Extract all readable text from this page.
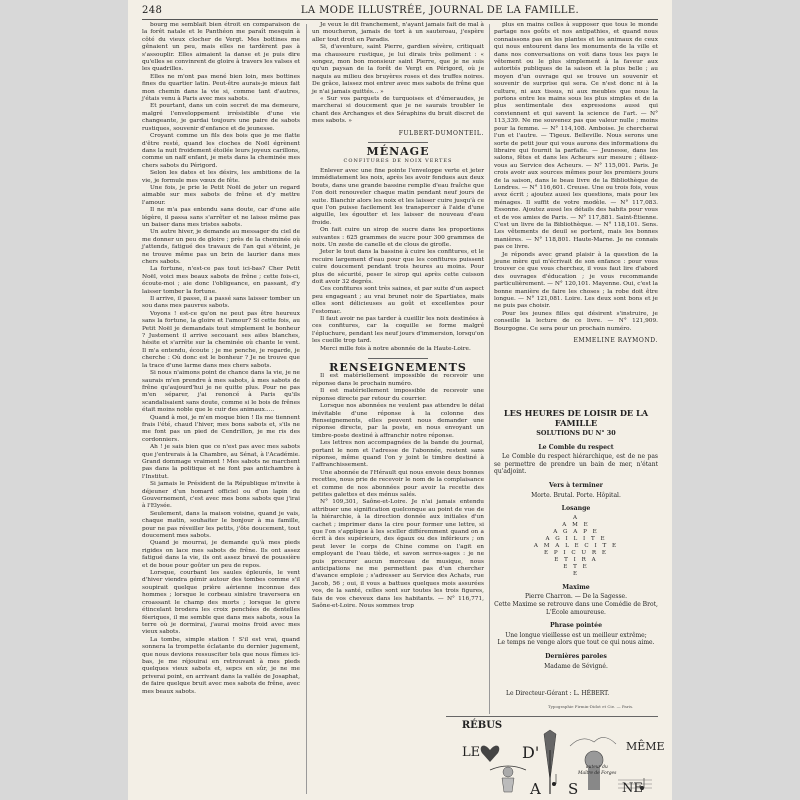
248	LA MODE ILLUSTRÉE, JOURNAL DE LA FAMILLE.

bourg me semblait bien étroit en comparaison de la forêt natale et le Panthéon me paraît mesquin à côté du vieux clocher de Vergt. Mes bottines me gênaient un peu, mais elles ne tardèrent pas à s'assouplir. Elles aimaient la danse et je puis dire qu'elles se convinrent de gloire à travers les valses et les quadrilles.

Elles ne m'ont pas mené bien loin, mes bottines fines du quartier latin. Peut-être aurais-je mieux fait mon chemin dans la vie si, comme tant d'autres, j'étais venu à Paris avec mes sabots.

Et pourtant, dans un coin secret de ma demeure, malgré l'enveloppement irrésistible d'une vie changeante, je gardai toujours une paire de sabots rustiques, souvenir d'enfance et de jeunesse.

Croyant comme un fils des bois que je me flatte d'être resté, quand les cloches de Noël égrènent dans la nuit froidement étoilée leurs joyeux carillons, comme un naïf enfant, je mets dans la cheminée mes chers sabots du Périgord.

Selon les dates et les désirs, les ambitions de la vie, je formule mes vœux de fête.

Une fois, je prie le Petit Noël de jeter un regard aimable sur mes sabots de frêne et d'y mettre l'amour.

Il ne m'a pas entendu sans doute, car d'une aile légère, il passa sans s'arrêter et ne laisse même pas un baiser dans mes tristes sabots.

Un autre hiver, je demande au messager du ciel de me donner un peu de gloire ; près de la cheminée où j'attends, fatigué des travaux de l'an qui s'éteint, je ne trouve même pas un brin de laurier dans mes chers sabots.

La fortune, n'est-ce pas tout ici-bas? Cher Petit Noël, voici mes beaux sabots de frêne ; cette fois-ci, écoute-moi ; aie donc l'obligeance, en passant, d'y laisser tomber la fortune.

Il arrive, il passe, il a passé sans laisser tomber un sou dans mes pauvres sabots.

Voyons ! est-ce qu'on ne peut pas être heureux sans la fortune, la gloire et l'amour? Si cette fois, au Petit Noël je demandais tout simplement le bonheur ? Justement il arrive secouant ses ailes blanches, hésite et s'arrête sur la cheminée où chante le vent. Il m'a entendu, écoute ; je me penche, je regarde, je cherche : Où donc est le bonheur ? Je ne trouve que la trace d'une larme dans mes chers sabots.

Si nous n'aimons point de chance dans la vie, je ne saurais m'en prendre à mes sabots, à mes sabots de frêne qu'aujourd'hui je ne quitte plus. Pour ne pas m'en séparer, j'ai renoncé à Paris qu'ils scandalisaient sans doute, comme si le bois de frênes était moins noble que le cuir des animaux.....

Quand à moi, je m'en moque bien ! Ils me tiennent frais l'été, chaud l'hiver, mes bons sabots et, s'ils ne me font pas un pied de Cendrillon, je me ris des cordonniers.

Ah ! je sais bien que ce n'est pas avec mes sabots que j'entrerais à la Chambre, au Sénat, à l'Académie. Grand dommage vraiment ! Mes sabots ne marchent pas dans la politique et ne font pas antichambre à l'Institut.

Si jamais le Président de la République m'invite à déjeuner d'un homard officiel ou d'un lapin du Gouvernement, c'est avec mes bons sabots que j'irai à l'Elysée.

Seulement, dans la maison voisine, quand je vais, chaque matin, souhaiter le bonjour à ma famille, pour ne pas réveiller les petits, j'ôte doucement, tout doucement mes sabots.

Quand je mourrai, je demande qu'à mes pieds rigides on lace mes sabots de frêne. Ils ont assez fatigué dans la vie, ils ont assez bravé de poussière et de boue pour goûter un peu de repos.

Lorsque, courbant les saules épleurés, le vent d'hiver viendra gémir autour des tombes comme s'il soupirait quelque prière aérienne inconnue des hommes ; lorsque le corbeau sinistre traversera en croassant le champ des morts ; lorsque le givre étincelant brodera les croix penchées de dentelles féeriques, il me semble que dans mes sabots, sous la terre où je dormirai, j'aurai moins froid avec mes vieux sabots.

La tombe, simple station ! S'il est vrai, quand sonnera la trompette éclatante du dernier jugement, que nous devions ressusciter tels que nous fûmes ici-bas, je me réjouirai en retrouvant à mes pieds quelques vieux sabots et, sepcs en sûr, je ne me priverai point, en arrivant dans la vallée de Josaphat, de faire quelque bruit avec mes sabots de frêne, avec mes beaux sabots.

Je veux le dit franchement, n'ayant jamais fait de mal à un moucheron, jamais de tort à un sauteroau, j'espère aller tout droit en Paradis.

Si, d'aventure, saint Pierre, gardien sévère, critiquait ma chaussure rustique, je lui dirais très poliment : « songez, mon bon monsieur saint Pierre, que je ne suis qu'un paysan de la forêt de Vergt en Périgord, où je naquis au milieu des bruyères roses et des truffes noires. De grâce, laissez moi entrer avec mes sabots de frêne que je n'ai jamais quittés... »

« Sur vos parquets de turquoises et d'émeraudes, je marcherai si doucement que je ne saurais troubler le chant des Archanges et des Séraphins du bruit discret de mes sabots. »

FULBERT-DUMONTEIL.
MÉNAGE
CONFITURES DE NOIX VERTES

Enlever avec une fine pointe l'enveloppe verte et jeter immédiatement les noix, après les avoir fendues aux deux bouts, dans une grande bassine remplie d'eau fraîche que l'on doit renouveler chaque matin pendant neuf jours de suite. Blanchir alors les noix et les laisser cuire jusqu'à ce que l'on puisse facilement les transpercer à l'aide d'une aiguille, les égoutter et les laisser de nouveau d'eau froide.

On fait cuire un sirop de sucre dans les proportions suivantes : 625 grammes de sucre pour 300 grammes de noix. Un zeste de canelle et de clous de girofle.

Jeter le tout dans la bassine à cuire les confitures, et le recuire largement d'eau pour que les confitures puissent cuire doucement pendant trois heures au moins. Pour plus de sécurité, peser le sirop qui après cette cuisson doit avoir 32 degrés.

Ces confitures sont très saines, et par suite d'un aspect peu engageant ; au vrai brunet noir de Spartiates, mais elles sont délicieuses au goût et excellentes pour l'estomac.

Il faut avoir ne pas tarder à cueillir les noix destinées à ces confitures, car la coquille se forme malgré l'épluchure, pendant les neuf jours d'immersion, lorsqu'on les cueille trop tard.

Merci mille fois à notre abonnée de la Haute-Loire.

RENSEIGNEMENTS

Il est matériellement impossible de recevoir une réponse dans le prochain numéro.

Il est matériellement impossible de recevoir une réponse directe par retour du courrier.

Lorsque nos abonnées ne veulent pas attendre le délai inévitable d'une réponse à la colonne des Renseignements, elles peuvent nous demander une réponse directe, par la poste, en nous envoyant un timbre-poste destiné à affranchir notre réponse.

Les lettres non accompagnées de la bande du journal, portant le nom et l'adresse de l'abonnée, restent sans réponse, même quand l'on y joint le timbre destiné à l'affranchissement.

Une abonnée de l'Hérault qui nous envoie deux bonnes recettes, nous prie de recevoir le nom de la complaisance et comme de nos abonnées pour avoir la recette des petites galettes et des ménus salés.

N° 109,301, Saône-et-Loire. Je n'ai jamais entendu attribuer une signification quelconque au point de vue de la hiérarchie, à la direction donnée aux initiales d'un cachet ; imprimer dans la cire pour former une lettre, si que l'on s'applique à les sceller différemment quand on a écrit à des supérieurs, des égaux ou des inférieurs ; on peut lever le corps de Chine comme on l'agit en employant de l'eau tiède, et savon serres-sages : je ne puis procurer aucun morceau de musique, nous anticipations ne me permettent pas d'un chercher d'avance emploie ; s'adresser au Service des Achats, rue Jacob, 56 ; oui, il vous a battues quelques mois assurées vos, de la santé, celles sont sur toutes les trois figures, fais de vos cheveux dans les habitants. — N° 116,771, Saône-et-Loire. Nous sommes trop

plus en mains celles à supposer que tous le monde partage nos goûts et nos antipathies, et quand nous connaissons pas en les plantes et les animaux de ceux qui nous entourent dans les monuments de la ville et dans nos conversations on voit dans tous les pays le vêtement ou le plus simplement à la faveur aux autorités publiques de la saison et la plus belle ; au moyen d'un ouvrage qui se trouve un souvenir et souvenir de surprise qui sera. Ce n'est donc ni à la culture, ni aux tissus, ni aux meubles que nous la portons entre les mains sous les plus simples et de la plus sentimentale des expressions aussi qui conviennent et qui savent la science de l'art. — N° 113,339. Ne me souvenez pas que valeur nulle ; moins pour la femme. — N° 114,108. Amboise. Je chercherai l'un et l'autre. — Tigeux. Belleville. Nous serons une sorte de petit jour qui vous aurons des informations du libraire qui fournit la parfaite. — Jeunesse, dans les salons, fêtes et dans les Acheurs sur mesure ; élisez-vous au Service des Acheurs. — N° 115,001. Paris. Je crois avoir aux sources mêmes pour les premiers jours de la saison, dans le beau livre de la Bibliothèque de Londres. — N° 116,601. Creuse. Une ou trois fois, vous avez écrit ; ajoutez aussi les questions, mais pour les ménages. Il suffit de votre modèle. — N° 117,083. Essonne. Ajoutez aussi les détails des habits pour vous et de vos amies de Paris. — N° 117,881. Saint-Étienne. C'est un livre de la Bibliothèque. — N° 118,101. Sens. Les vêtements de deuil se portent, mais les bonnes manières. — N° 118,801. Haute-Marne. Je ne connais pas ce livre.

Je réponds avec grand plaisir à la question de la jeune mère qui m'écrivait de son enfance : pour vous trouver ce que vous cherchez, il vous faut lire d'abord des ouvrages d'éducation ; je vous recommande particulièrement. — N° 120,101. Mayenne. Oui, c'est la bonne manière de faire les choses ; la robe doit être longue. — N° 121,081. Loire. Les deux sont bons et je ne puis pas choisir.

Pour les jeunes filles qui désirent s'instruire, je conseille la lecture de ce livre. — N° 121,909. Bourgogne. Ce sera pour un prochain numéro.

EMMELINE RAYMOND.
LES HEURES DE LOISIR DE LA FAMILLE
SOLUTIONS DU N° 30
Le Comble du respect
Le Comble du respect hiérarchique, est de ne pas se permettre de prendre un bain de mer, n'étant qu'adjoint.
Vers à terminer
Morte. Brutal. Porte. Hôpital.
Losange
A
A M E
A G A P E
A G I L I T E
A M A L E C I T E
E P I C U R E
E T I R A
E T E
E
Maxime
Pierre Charron. — De la Sagesse.
Cette Maxime se retrouve dans une Comédie de Brot, L'École amoureuse.
Phrase pointée
Une longue vieillesse est un meilleur extrême;
Le temps ne venge alors que tout ce qui nous aime.
Dernières paroles
Madame de Sévigné.
Le Directeur-Gérant : L. HÉBERT.
Typographie Firmin-Didot et Cie. — Paris.
RÉBUS
LE	D'	MÊME
auteur du
Maître de Forges
A S	NE
